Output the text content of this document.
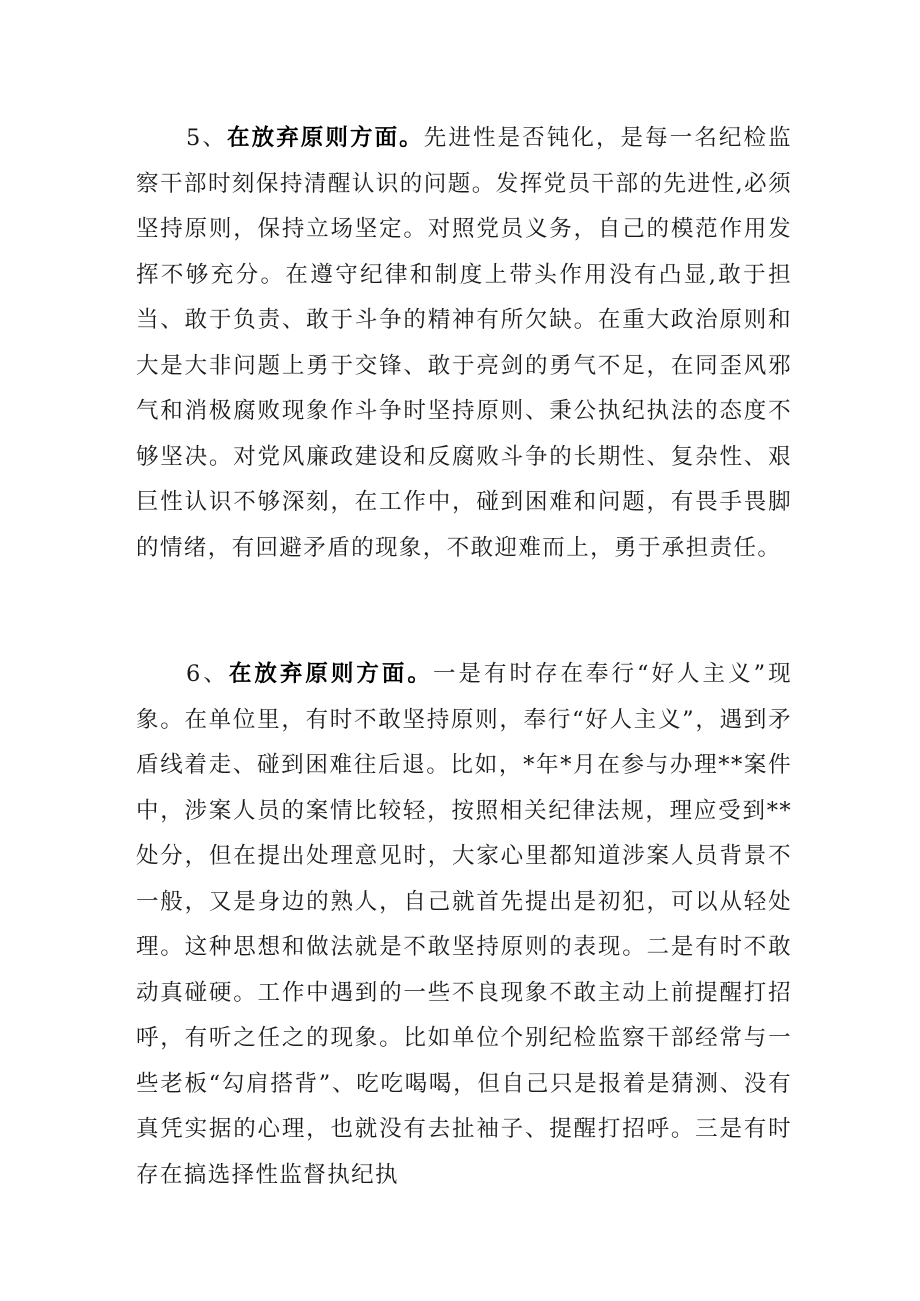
5、在放弃原则方面。先进性是否钝化，是每一名纪检监察干部时刻保持清醒认识的问题。发挥党员干部的先进性,必须坚持原则，保持立场坚定。对照党员义务，自己的模范作用发挥不够充分。在遵守纪律和制度上带头作用没有凸显,敢于担当、敢于负责、敢于斗争的精神有所欠缺。在重大政治原则和大是大非问题上勇于交锋、敢于亮剑的勇气不足，在同歪风邪气和消极腐败现象作斗争时坚持原则、秉公执纪执法的态度不够坚决。对党风廉政建设和反腐败斗争的长期性、复杂性、艰巨性认识不够深刻，在工作中，碰到困难和问题，有畏手畏脚的情绪，有回避矛盾的现象，不敢迎难而上，勇于承担责任。

6、在放弃原则方面。一是有时存在奉行“好人主义”现象。在单位里，有时不敢坚持原则，奉行“好人主义”，遇到矛盾线着走、碰到困难往后退。比如，*年*月在参与办理**案件中，涉案人员的案情比较轻，按照相关纪律法规，理应受到**处分，但在提出处理意见时，大家心里都知道涉案人员背景不一般，又是身边的熟人，自己就首先提出是初犯，可以从轻处理。这种思想和做法就是不敢坚持原则的表现。二是有时不敢动真碰硬。工作中遇到的一些不良现象不敢主动上前提醒打招呼，有听之任之的现象。比如单位个别纪检监察干部经常与一些老板“勾肩搭背”、吃吃喝喝，但自己只是报着是猜测、没有真凭实据的心理，也就没有去扯袖子、提醒打招呼。三是有时存在搞选择性监督执纪执
